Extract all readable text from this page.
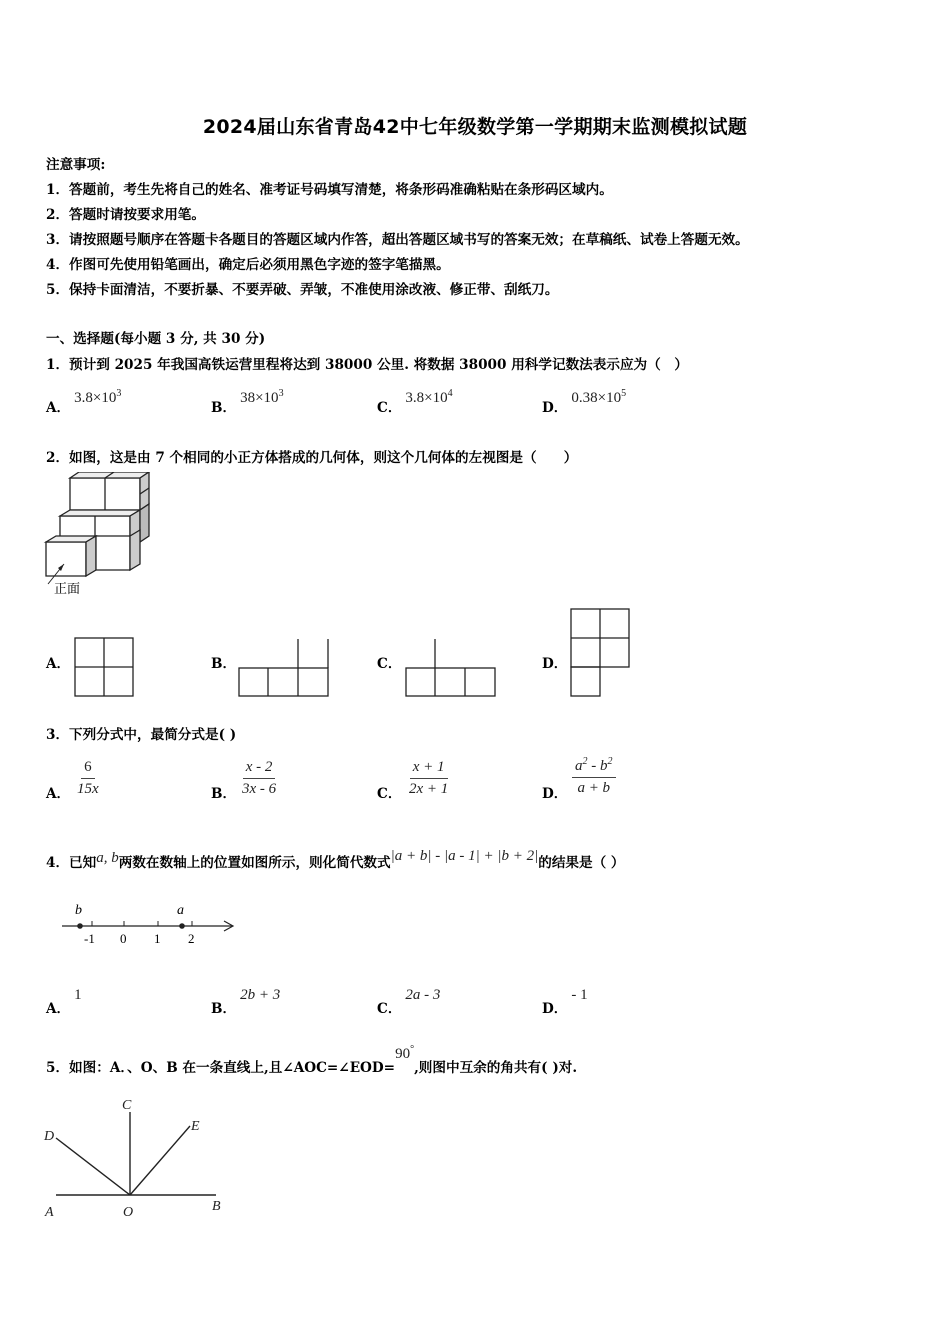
2024届山东省青岛42中七年级数学第一学期期末监测模拟试题
注意事项:
1．答题前，考生先将自己的姓名、准考证号码填写清楚，将条形码准确粘贴在条形码区域内。
2．答题时请按要求用笔。
3．请按照题号顺序在答题卡各题目的答题区域内作答，超出答题区域书写的答案无效；在草稿纸、试卷上答题无效。
4．作图可先使用铅笔画出，确定后必须用黑色字迹的签字笔描黑。
5．保持卡面清洁，不要折暴、不要弄破、弄皱，不准使用涂改液、修正带、刮纸刀。
一、选择题(每小题 3 分, 共 30 分)
1．预计到 2025 年我国高铁运营里程将达到 38000 公里. 将数据 38000 用科学记数法表示应为（　）
$_{A.}3.8\times 10^3$
$_{B.}38\times 10^3$
$_{C.}3.8\times 10^4$
$_{D.}0.38\times 10^5$
2．如图，这是由 7 个相同的小正方体搭成的几何体，则这个几何体的左视图是（　　）
正面
A．	B．	C．	D．
3．下列分式中，最简分式是( )
A． $\frac{6}{15x}$	B． $\frac{x - 2}{3x - 6}$	C． $\frac{x + 1}{2x + 1}$	D． $\frac{a^2 - b^2}{a + b}$
4．已知a, b两数在数轴上的位置如图所示，则化简代数式|a + b| - |a - 1| + |b + 2|的结果是（ ）
b	a
-1 0 1 2
$_{A.}$1
$_{B.}$2b + 3
$_{C.}$2a - 3
$_{D.}$- 1
5．如图：A．、O、B 在一条直线上,且∠AOC=∠EOD=90°,则图中互余的角共有( )对.
A	O	B
C
D
E
